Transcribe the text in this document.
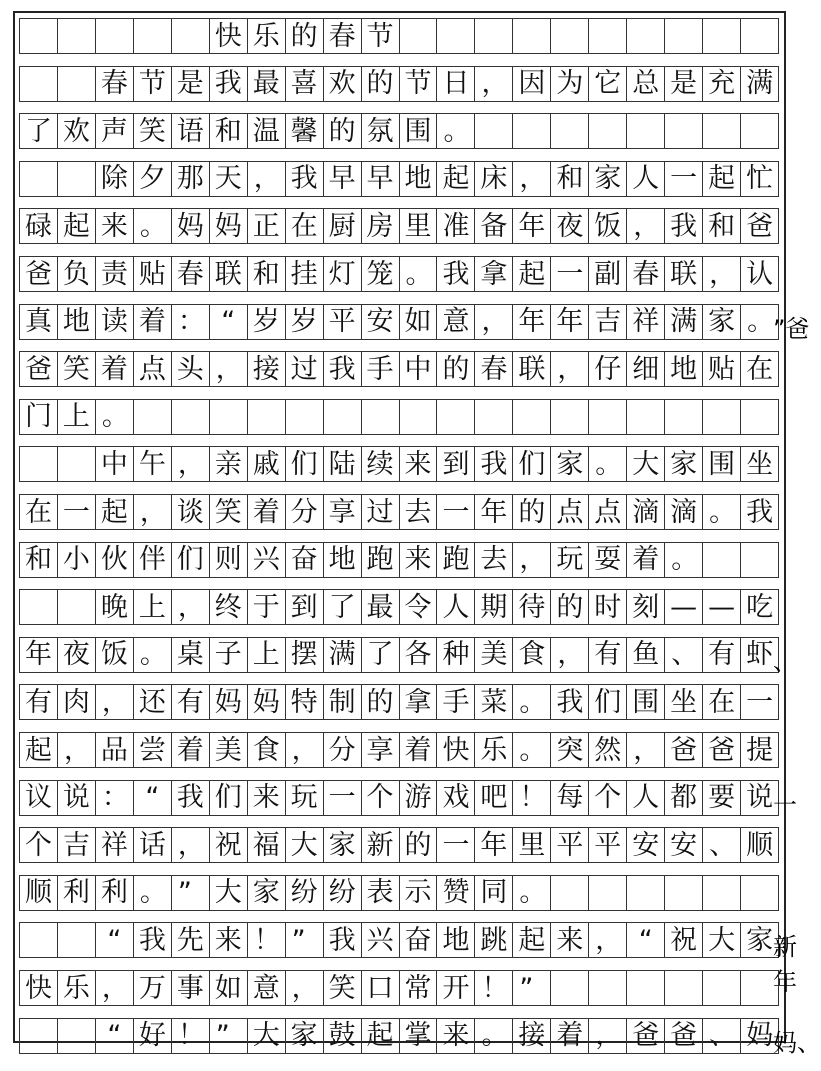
快 乐 的 春 节
春 节 是 我 最 喜 欢 的 节 日 ， 因 为 它 总 是 充 满
了 欢 声 笑 语 和 温 馨 的 氛 围 。
除 夕 那 天 ， 我 早 早 地 起 床 ， 和 家 人 一 起 忙
碌 起 来 。 妈 妈 正 在 厨 房 里 准 备 年 夜 饭 ， 我 和 爸
爸 负 责 贴 春 联 和 挂 灯 笼 。 我 拿 起 一 副 春 联 ， 认
真 地 读 着 ： “ 岁 岁 平 安 如 意 ， 年 年 吉 祥 满 家 。
”爸
爸 笑 着 点 头 ， 接 过 我 手 中 的 春 联 ， 仔 细 地 贴 在
门 上 。
中 午 ， 亲 戚 们 陆 续 来 到 我 们 家 。 大 家 围 坐
在 一 起 ， 谈 笑 着 分 享 过 去 一 年 的 点 点 滴 滴 。 我
和 小 伙 伴 们 则 兴 奋 地 跑 来 跑 去 ， 玩 耍 着 。
晚 上 ， 终 于 到 了 最 令 人 期 待 的 时 刻 — — 吃
年 夜 饭 。 桌 子 上 摆 满 了 各 种 美 食 ， 有 鱼 、 有 虾 、
有 肉 ， 还 有 妈 妈 特 制 的 拿 手 菜 。 我 们 围 坐 在 一
起 ， 品 尝 着 美 食 ， 分 享 着 快 乐 。 突 然 ， 爸 爸 提
议 说 ： “ 我 们 来 玩 一 个 游 戏 吧 ！ 每 个 人 都 要 说 一
个 吉 祥 话 ， 祝 福 大 家 新 的 一 年 里 平 平 安 安 、 顺
顺 利 利 。 ” 大 家 纷 纷 表 示 赞 同 。
“ 我 先 来 ！ ” 我 兴 奋 地 跳 起 来 ， “ 祝 大 家 新年
快 乐 ， 万 事 如 意 ， 笑 口 常 开 ！ ”
“ 好 ！ ” 大 家 鼓 起 掌 来 。 接 着 ， 爸 爸 、 妈 妈、
